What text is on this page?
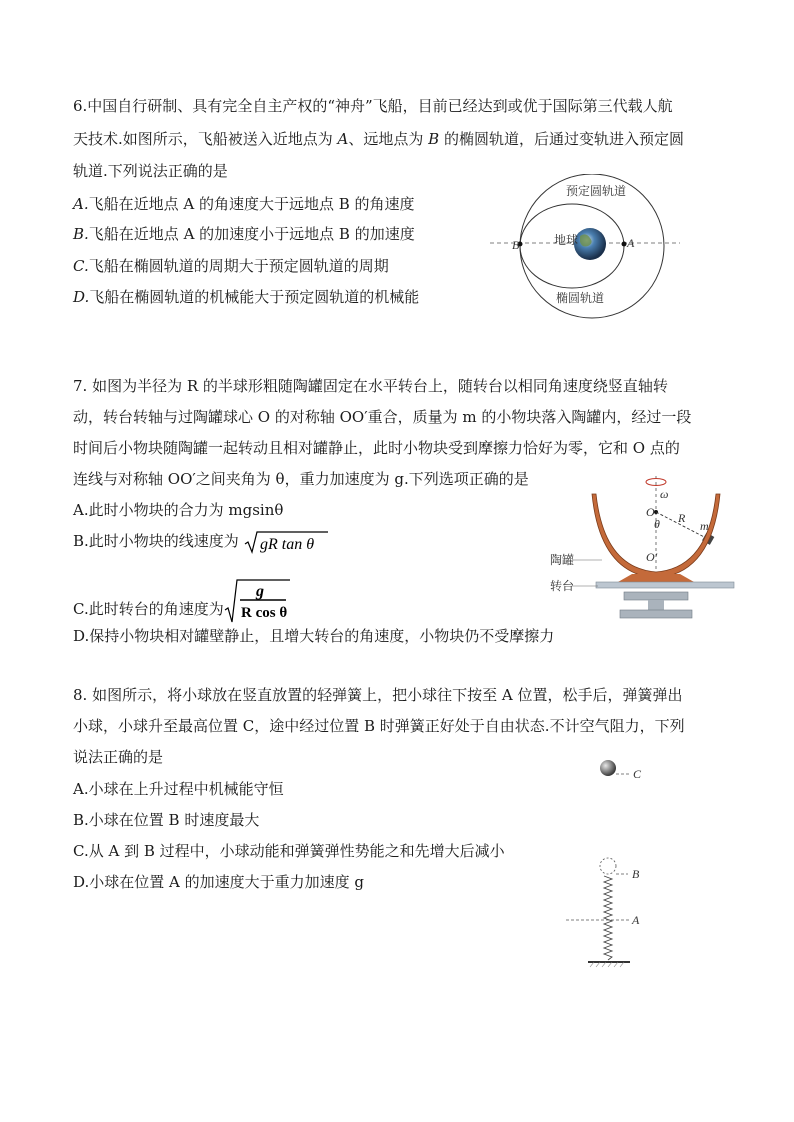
6.中国自行研制、具有完全自主产权的“神舟”飞船，目前已经达到或优于国际第三代载人航
天技术.如图所示，飞船被送入近地点为 A、远地点为 B 的椭圆轨道，后通过变轨进入预定圆
轨道.下列说法正确的是
A.飞船在近地点 A 的角速度大于远地点 B 的角速度
B.飞船在近地点 A 的加速度小于远地点 B 的加速度
C.飞船在椭圆轨道的周期大于预定圆轨道的周期
D.飞船在椭圆轨道的机械能大于预定圆轨道的机械能
预定圆轨道
地球
椭圆轨道
B	A
7. 如图为半径为 R 的半球形粗随陶罐固定在水平转台上，随转台以相同角速度绕竖直轴转
动，转台转轴与过陶罐球心 O 的对称轴 OO′重合，质量为 m 的小物块落入陶罐内，经过一段
时间后小物块随陶罐一起转动且相对罐静止，此时小物块受到摩擦力恰好为零，它和 O 点的
连线与对称轴 OO′之间夹角为 θ，重力加速度为 g.下列选项正确的是
A.此时小物块的合力为 mgsinθ
B.此时小物块的线速度为 gR tan θ
C.此时转台的角速度为
g
R cos θ
D.保持小物块相对罐壁静止，且增大转台的角速度，小物块仍不受摩擦力
ω
O
θ R
m
O′
陶罐
转台
8. 如图所示，将小球放在竖直放置的轻弹簧上，把小球往下按至 A 位置，松手后，弹簧弹出
小球，小球升至最高位置 C，途中经过位置 B 时弹簧正好处于自由状态.不计空气阻力，下列
说法正确的是
A.小球在上升过程中机械能守恒
B.小球在位置 B 时速度最大
C.从 A 到 B 过程中，小球动能和弹簧弹性势能之和先增大后减小
D.小球在位置 A 的加速度大于重力加速度 g
C
B
A
